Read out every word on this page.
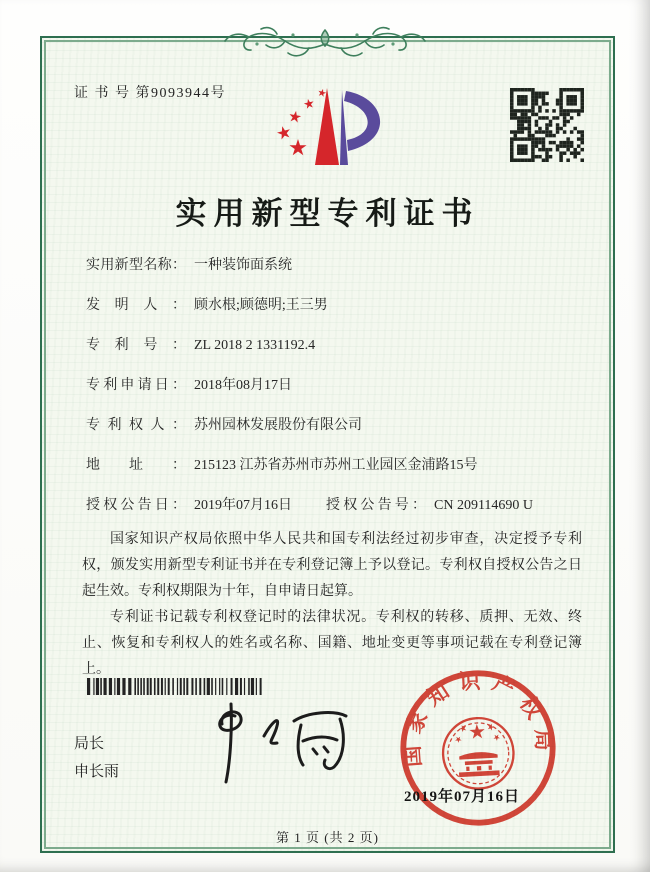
证 书 号 第9093944号
实用新型专利证书
实用新型名称： 一种装饰面系统
发明人： 顾水根;顾德明;王三男
专利号： ZL 2018 2 1331192.4
专利申请日： 2018年08月17日
专利权人： 苏州园林发展股份有限公司
地址： 215123 江苏省苏州市苏州工业园区金浦路15号
授权公告日： 2019年07月16日 授权公告号： CN 209114690 U

国家知识产权局依照中华人民共和国专利法经过初步审查，决定授予专利权，颁发实用新型专利证书并在专利登记簿上予以登记。专利权自授权公告之日起生效。专利权期限为十年，自申请日起算。

专利证书记载专利权登记时的法律状况。专利权的转移、质押、无效、终止、恢复和专利权人的姓名或名称、国籍、地址变更等事项记载在专利登记簿上。

局长
申长雨
国家知识产权局
2019年07月16日
第 1 页 (共 2 页)
